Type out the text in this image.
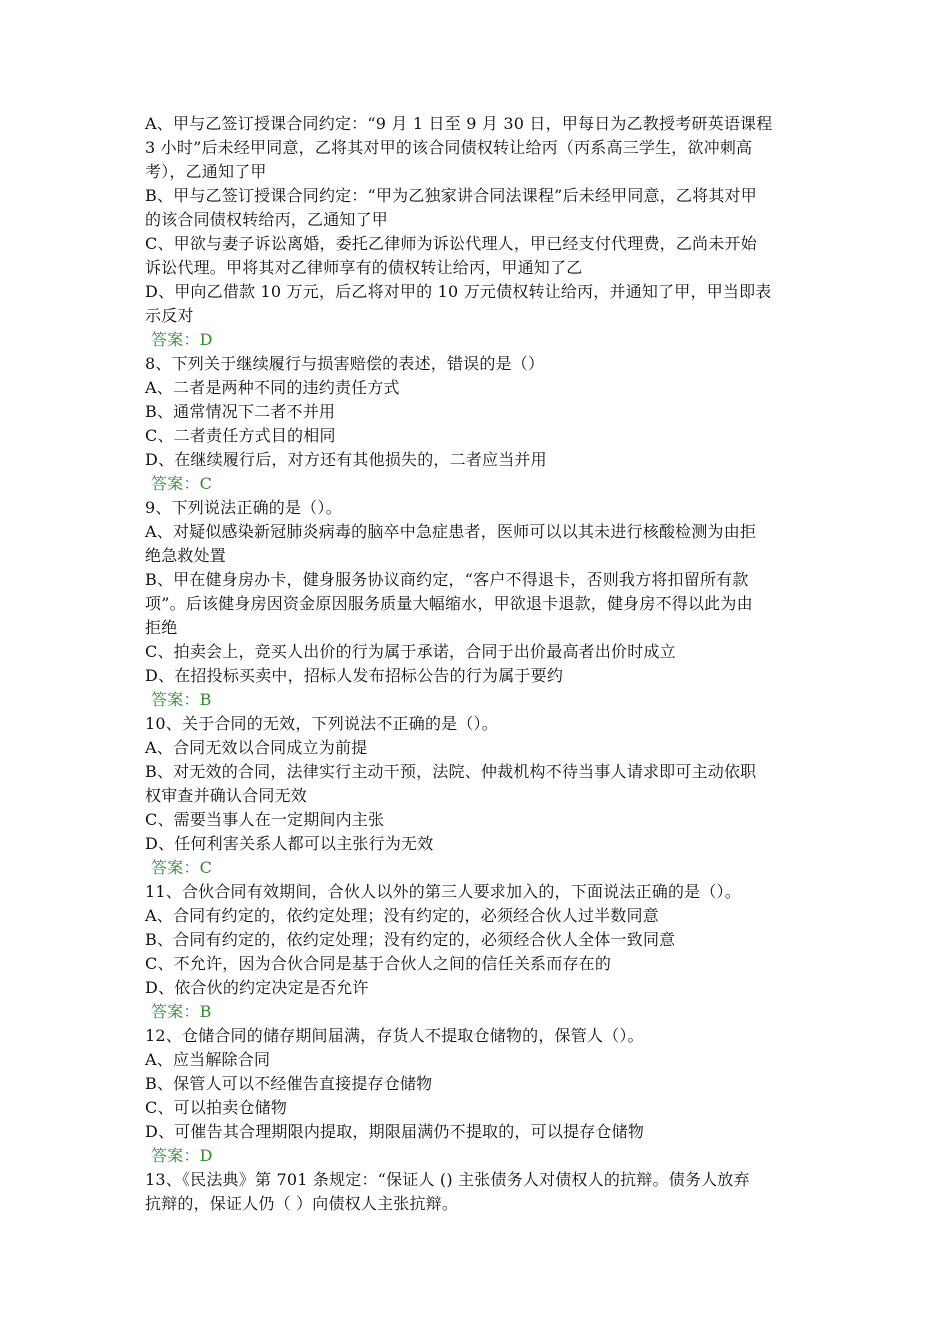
A、甲与乙签订授课合同约定：“9 月 1 日至 9 月 30 日，甲每日为乙教授考研英语课程
3 小时”后未经甲同意，乙将其对甲的该合同债权转让给丙（丙系高三学生，欲冲刺高
考），乙通知了甲
B、甲与乙签订授课合同约定：“甲为乙独家讲合同法课程”后未经甲同意，乙将其对甲
的该合同债权转给丙，乙通知了甲
C、甲欲与妻子诉讼离婚，委托乙律师为诉讼代理人，甲已经支付代理费，乙尚未开始
诉讼代理。甲将其对乙律师享有的债权转让给丙，甲通知了乙
D、甲向乙借款 10 万元，后乙将对甲的 10 万元债权转让给丙，并通知了甲，甲当即表
示反对
答案：D
8、下列关于继续履行与损害赔偿的表述，错误的是（）
A、二者是两种不同的违约责任方式
B、通常情况下二者不并用
C、二者责任方式目的相同
D、在继续履行后，对方还有其他损失的，二者应当并用
答案：C
9、下列说法正确的是（）。
A、对疑似感染新冠肺炎病毒的脑卒中急症患者，医师可以以其未进行核酸检测为由拒
绝急救处置
B、甲在健身房办卡，健身服务协议商约定，“客户不得退卡，否则我方将扣留所有款
项”。后该健身房因资金原因服务质量大幅缩水，甲欲退卡退款，健身房不得以此为由
拒绝
C、拍卖会上，竞买人出价的行为属于承诺，合同于出价最高者出价时成立
D、在招投标买卖中，招标人发布招标公告的行为属于要约
答案：B
10、关于合同的无效，下列说法不正确的是（）。
A、合同无效以合同成立为前提
B、对无效的合同，法律实行主动干预，法院、仲裁机构不待当事人请求即可主动依职
权审查并确认合同无效
C、需要当事人在一定期间内主张
D、任何利害关系人都可以主张行为无效
答案：C
11、合伙合同有效期间，合伙人以外的第三人要求加入的，下面说法正确的是（）。
A、合同有约定的，依约定处理；没有约定的，必须经合伙人过半数同意
B、合同有约定的，依约定处理；没有约定的，必须经合伙人全体一致同意
C、不允许，因为合伙合同是基于合伙人之间的信任关系而存在的
D、依合伙的约定决定是否允许
答案：B
12、仓储合同的储存期间届满，存货人不提取仓储物的，保管人（）。
A、应当解除合同
B、保管人可以不经催告直接提存仓储物
C、可以拍卖仓储物
D、可催告其合理期限内提取，期限届满仍不提取的，可以提存仓储物
答案：D
13、《民法典》第 701 条规定：“保证人 () 主张债务人对债权人的抗辩。债务人放弃
抗辩的，保证人仍（ ）向债权人主张抗辩。
